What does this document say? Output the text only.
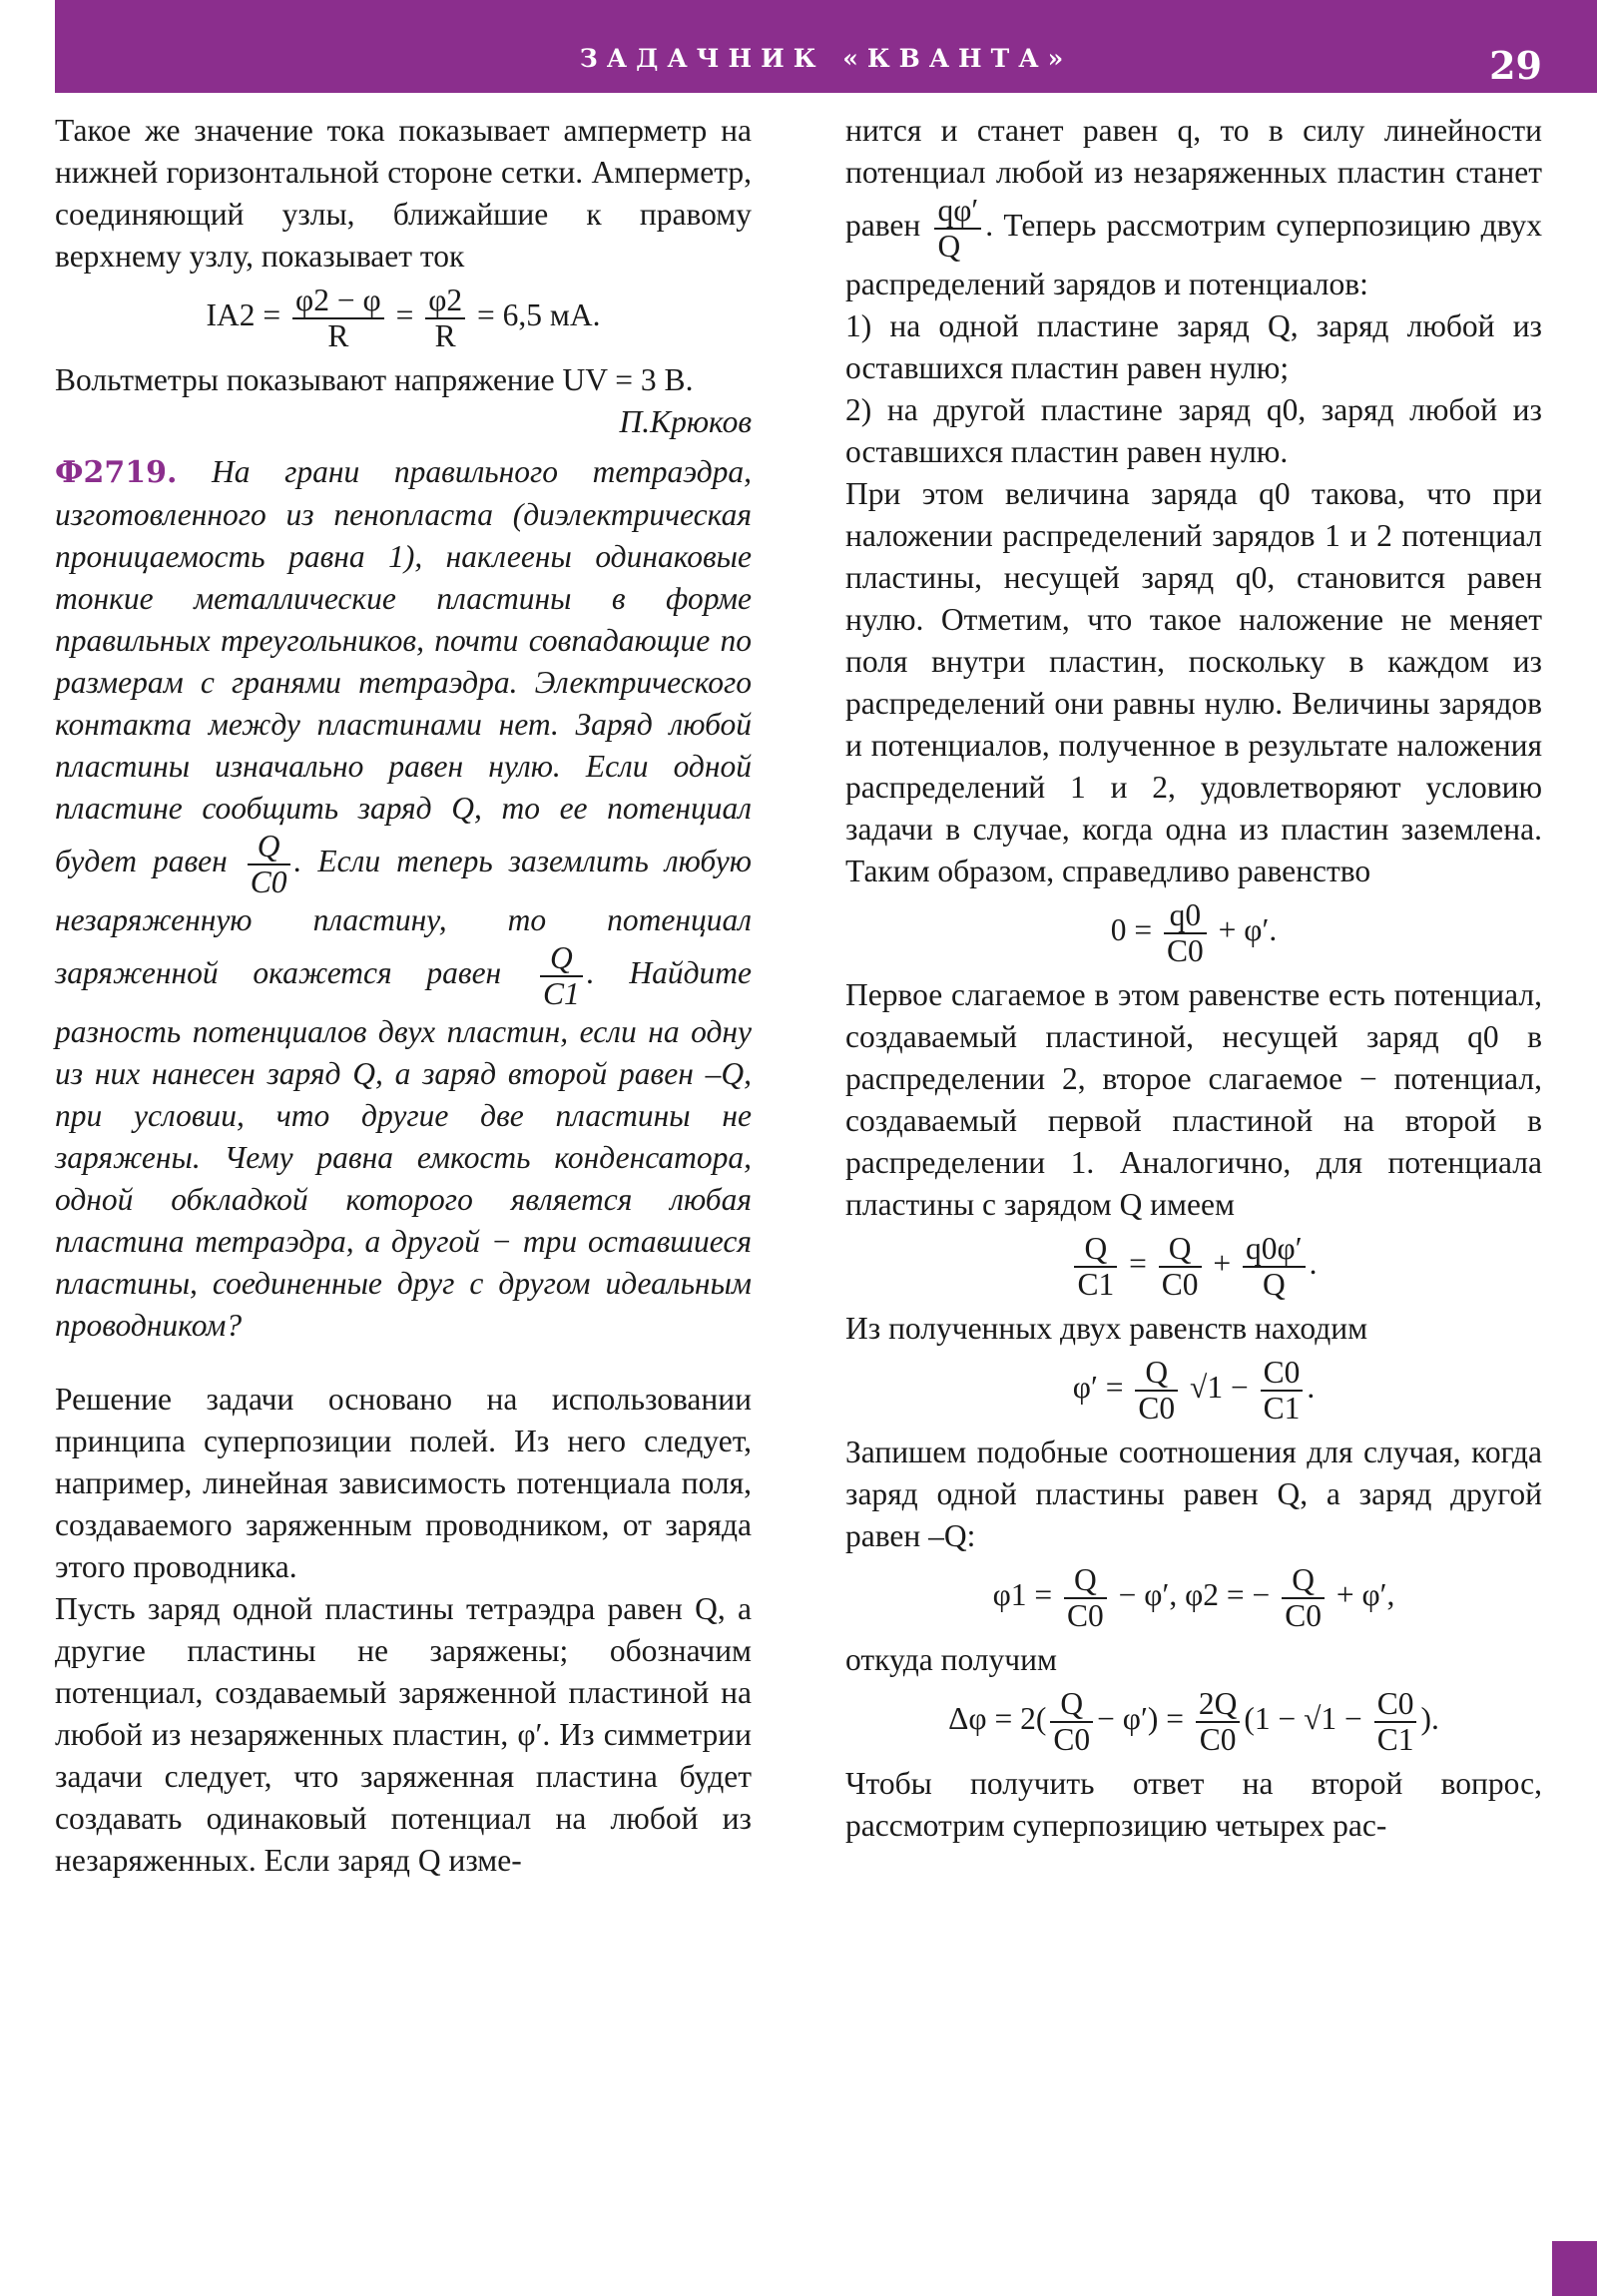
ЗАДАЧНИК «КВАНТА»	29

Такое же значение тока показывает амперметр на нижней горизонтальной стороне сетки. Амперметр, соединяющий узлы, ближайшие к правому верхнему узлу, показывает ток

$IA2 = \frac{\varphi 2 - \varphi}{R} = \frac{\varphi 2}{R} = 6,5$ мА.

Вольтметры показывают напряжение UV = 3 В.

П.Крюков

Ф2719. На грани правильного тетраэдра, изготовленного из пенопласта (диэлектрическая проницаемость равна 1), наклеены одинаковые тонкие металлические пластины в форме правильных треугольников, почти совпадающие по размерам с гранями тетраэдра. Электрического контакта между пластинами нет. Заряд любой пластины изначально равен нулю. Если одной пластине сообщить заряд Q, то ее потенциал будет равен $\frac{Q}{C0}$ . Если теперь заземлить любую незаряженную пластину, то потенциал заряженной окажется равен $\frac{Q}{C1}$ . Найдите разность потенциалов двух пластин, если на одну из них нанесен заряд Q, а заряд второй равен –Q, при условии, что другие две пластины не заряжены. Чему равна емкость конденсатора, одной обкладкой которого является любая пластина тетраэдра, а другой − три оставшиеся пластины, соединенные друг с другом идеальным проводником?

Решение задачи основано на использовании принципа суперпозиции полей. Из него следует, например, линейная зависимость потенциала поля, создаваемого заряженным проводником, от заряда этого проводника.

Пусть заряд одной пластины тетраэдра равен Q, а другие пластины не заряжены; обозначим потенциал, создаваемый заряженной пластиной на любой из незаряженных пластин, φ′. Из симметрии задачи следует, что заряженная пластина будет создавать одинаковый потенциал на любой из незаряженных. Если заряд Q изме-

нится и станет равен q, то в силу линейности потенциал любой из незаряженных пластин станет равен $\frac{q\varphi'}{Q}$ . Теперь рассмотрим суперпозицию двух распределений зарядов и потенциалов:

1) на одной пластине заряд Q, заряд любой из оставшихся пластин равен нулю;

2) на другой пластине заряд q0, заряд любой из оставшихся пластин равен нулю.

При этом величина заряда q0 такова, что при наложении распределений зарядов 1 и 2 потенциал пластины, несущей заряд q0, становится равен нулю. Отметим, что такое наложение не меняет поля внутри пластин, поскольку в каждом из распределений они равны нулю. Величины зарядов и потенциалов, полученное в результате наложения распределений 1 и 2, удовлетворяют условию задачи в случае, когда одна из пластин заземлена. Таким образом, справедливо равенство

$0 = \frac{q0}{C0} + \varphi'$.

Первое слагаемое в этом равенстве есть потенциал, создаваемый пластиной, несущей заряд q0 в распределении 2, второе слагаемое − потенциал, создаваемый первой пластиной на второй в распределении 1. Аналогично, для потенциала пластины с зарядом Q имеем

$\frac{Q}{C1} = \frac{Q}{C0} + \frac{q0\varphi'}{Q}$ .

Из полученных двух равенств находим

$\varphi' = \frac{Q}{C0} √1 - \frac{C0}{C1}$ .

Запишем подобные соотношения для случая, когда заряд одной пластины равен Q, а заряд другой равен –Q:

$\varphi 1 = \frac{Q}{C0} - \varphi'$, φ2 = − $\frac{Q}{C0} + \varphi'$,

откуда получим

$\Delta\varphi = 2( \frac{Q}{C0} - \varphi') = \frac{2Q}{C0} (1 - √1 - \frac{C0}{C1}$ ).

Чтобы получить ответ на второй вопрос, рассмотрим суперпозицию четырех рас-
